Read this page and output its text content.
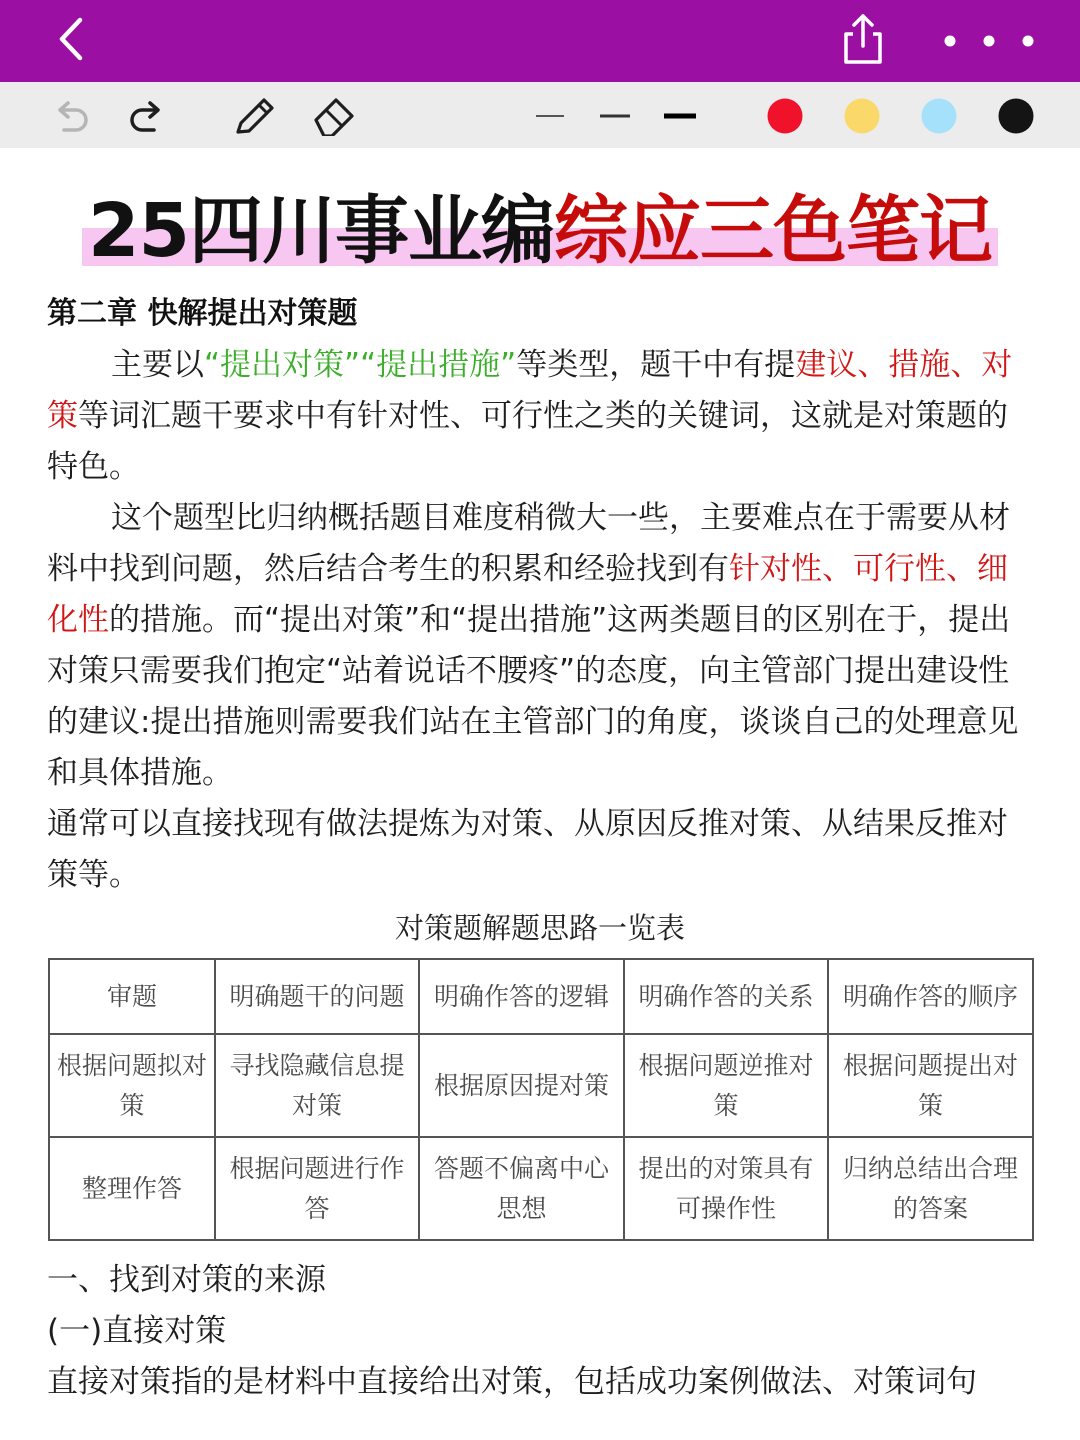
25四川事业编综应三色笔记
第二章 快解提出对策题
主要以“提出对策”“提出措施”等类型，题干中有提建议、措施、对策等词汇题干要求中有针对性、可行性之类的关键词，这就是对策题的特色。
这个题型比归纳概括题目难度稍微大一些，主要难点在于需要从材料中找到问题，然后结合考生的积累和经验找到有针对性、可行性、细化性的措施。而“提出对策”和“提出措施”这两类题目的区别在于，提出对策只需要我们抱定“站着说话不腰疼”的态度，向主管部门提出建设性的建议:提出措施则需要我们站在主管部门的角度，谈谈自己的处理意见和具体措施。
通常可以直接找现有做法提炼为对策、从原因反推对策、从结果反推对策等。
对策题解题思路一览表
审题	明确题干的问题	明确作答的逻辑	明确作答的关系	明确作答的顺序
根据问题拟对策	寻找隐藏信息提对策	根据原因提对策	根据问题逆推对策	根据问题提出对策
整理作答	根据问题进行作答	答题不偏离中心思想	提出的对策具有可操作性	归纳总结出合理的答案
一、找到对策的来源
(一)直接对策
直接对策指的是材料中直接给出对策，包括成功案例做法、对策词句
